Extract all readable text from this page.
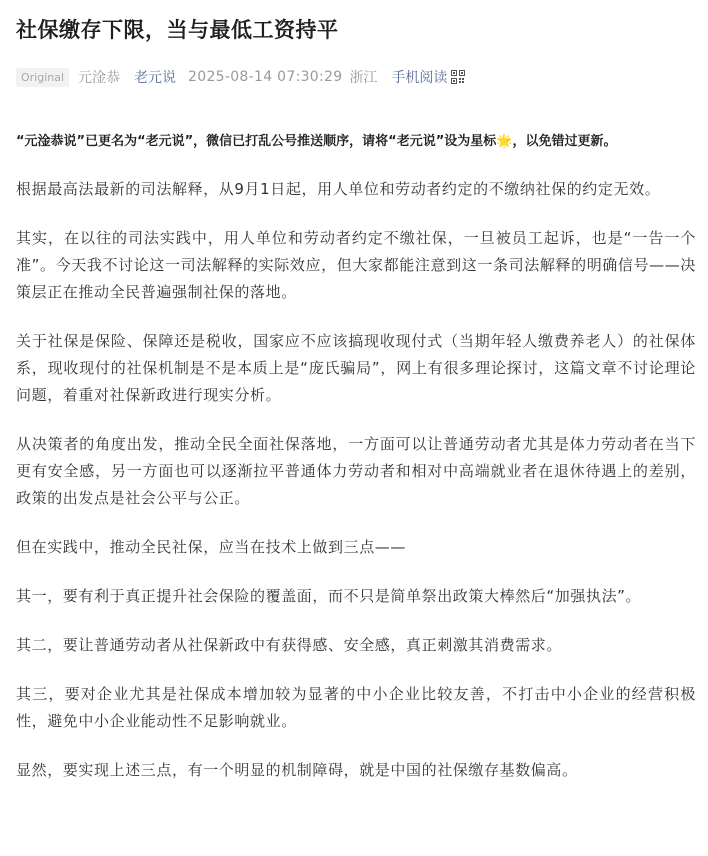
社保缴存下限，当与最低工资持平
Original	元淦恭 老元说 2025-08-14 07:30:29 浙江 手机阅读

“元淦恭说”已更名为“老元说”，微信已打乱公号推送顺序，请将“老元说”设为星标🌟，以免错过更新。

根据最高法最新的司法解释，从9月1日起，用人单位和劳动者约定的不缴纳社保的约定无效。

其实，在以往的司法实践中，用人单位和劳动者约定不缴社保，一旦被员工起诉，也是“一告一个准”。今天我不讨论这一司法解释的实际效应，但大家都能注意到这一条司法解释的明确信号——决策层正在推动全民普遍强制社保的落地。

关于社保是保险、保障还是税收，国家应不应该搞现收现付式（当期年轻人缴费养老人）的社保体系，现收现付的社保机制是不是本质上是“庞氏骗局”，网上有很多理论探讨，这篇文章不讨论理论问题，着重对社保新政进行现实分析。

从决策者的角度出发，推动全民全面社保落地，一方面可以让普通劳动者尤其是体力劳动者在当下更有安全感，另一方面也可以逐渐拉平普通体力劳动者和相对中高端就业者在退休待遇上的差别，政策的出发点是社会公平与公正。

但在实践中，推动全民社保，应当在技术上做到三点——

其一，要有利于真正提升社会保险的覆盖面，而不只是简单祭出政策大棒然后“加强执法”。

其二，要让普通劳动者从社保新政中有获得感、安全感，真正刺激其消费需求。

其三，要对企业尤其是社保成本增加较为显著的中小企业比较友善，不打击中小企业的经营积极性，避免中小企业能动性不足影响就业。

显然，要实现上述三点，有一个明显的机制障碍，就是中国的社保缴存基数偏高。
